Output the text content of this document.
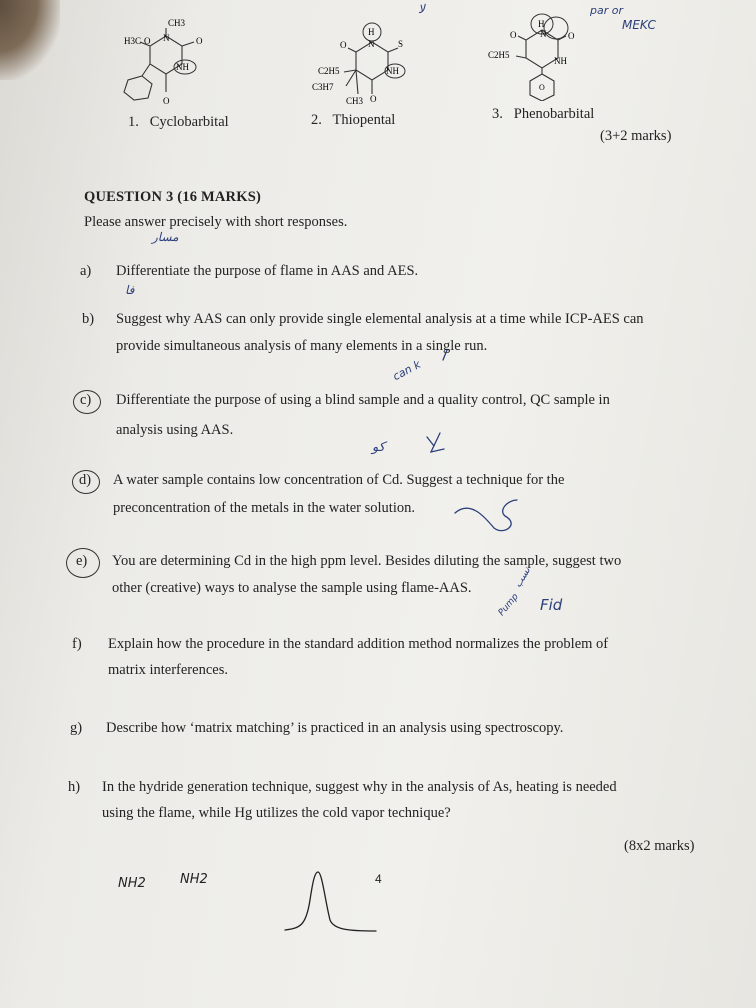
CH3
H3C O N	O
NH
O
1. Cyclobarbital
H
O N	S
C2H5
C3H7
NH
CH3 O
2. Thiopental
H
O	N O
C2H5
NH
O
3. Phenobarbital
(3+2 marks)
QUESTION 3 (16 MARKS)
Please answer precisely with short responses.
a) Differentiate the purpose of flame in AAS and AES.
b) Suggest why AAS can only provide single elemental analysis at a time while ICP-AES can
provide simultaneous analysis of many elements in a single run.
c) Differentiate the purpose of using a blind sample and a quality control, QC sample in
analysis using AAS.
d) A water sample contains low concentration of Cd. Suggest a technique for the
preconcentration of the metals in the water solution.
e) You are determining Cd in the high ppm level. Besides diluting the sample, suggest two
other (creative) ways to analyse the sample using flame-AAS.
f) Explain how the procedure in the standard addition method normalizes the problem of
matrix interferences.
g) Describe how ‘matrix matching’ is practiced in an analysis using spectroscopy.
h) In the hydride generation technique, suggest why in the analysis of As, heating is needed
using the flame, while Hg utilizes the cold vapor technique?
(8x2 marks)
4
لا	par or
MEKC
مسار
فا
can k
كو
نسب
Fid
Pump
NH2	NH2
